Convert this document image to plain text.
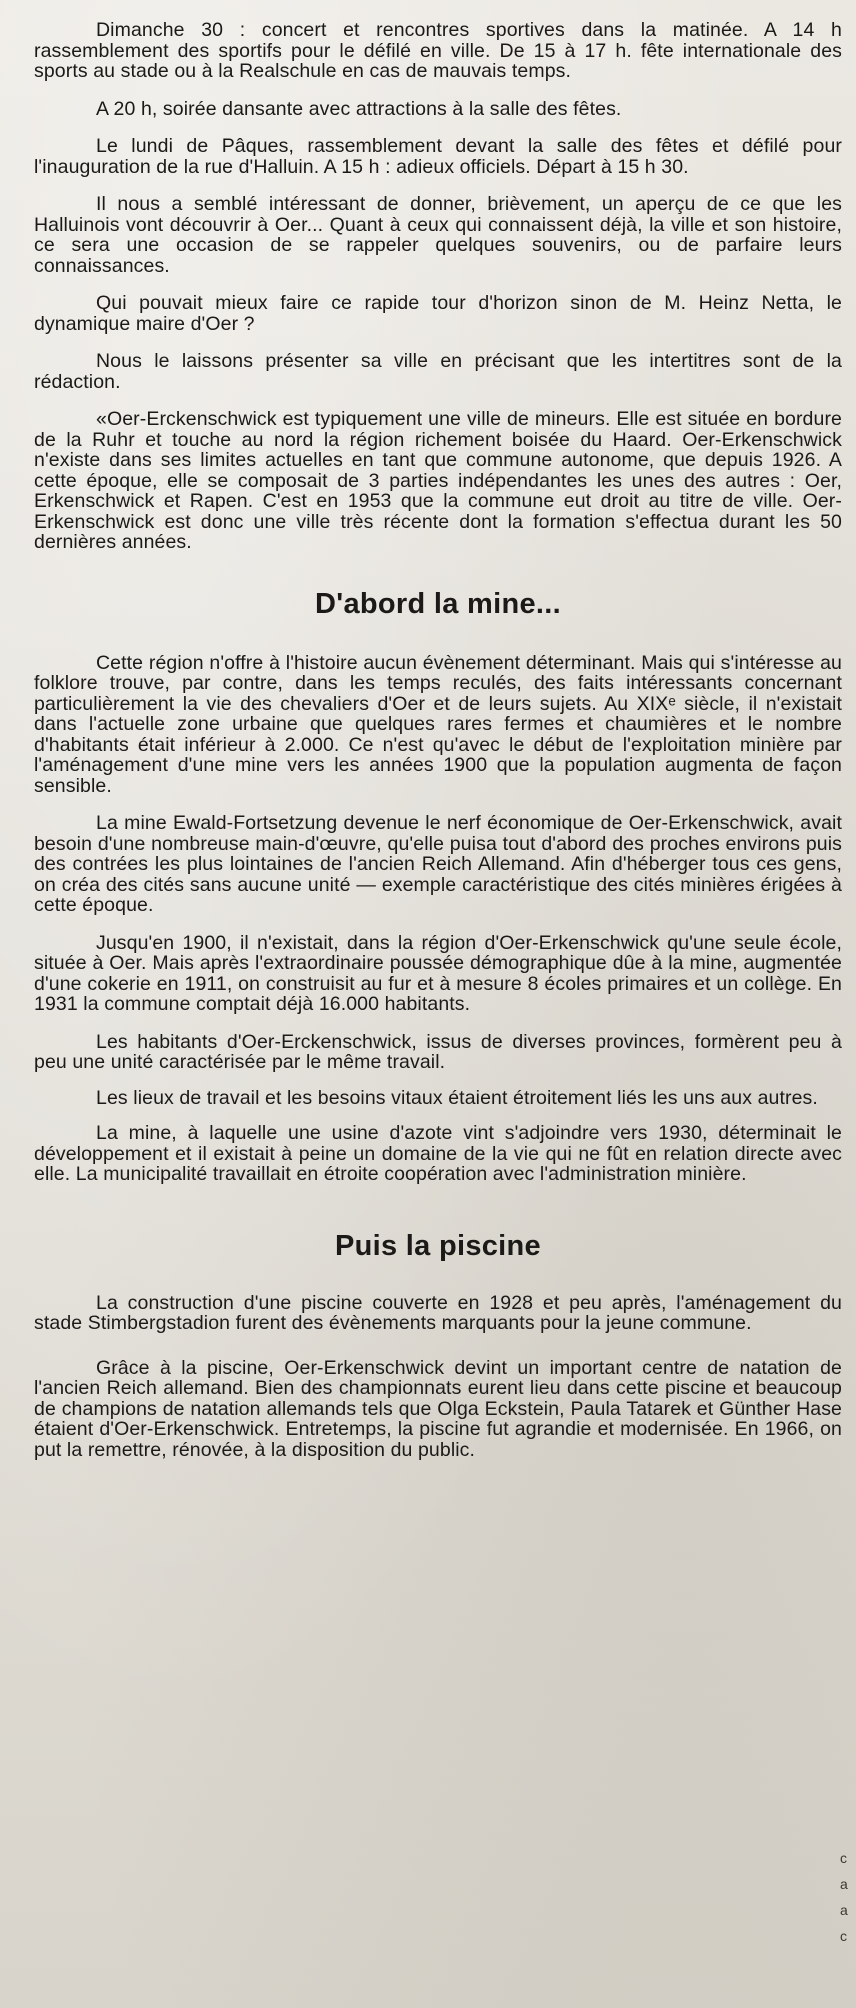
Dimanche 30 : concert et rencontres sportives dans la matinée. A 14 h rassemblement des sportifs pour le défilé en ville. De 15 à 17 h. fête internationale des sports au stade ou à la Realschule en cas de mauvais temps.

A 20 h, soirée dansante avec attractions à la salle des fêtes.

Le lundi de Pâques, rassemblement devant la salle des fêtes et défilé pour l'inauguration de la rue d'Halluin. A 15 h : adieux officiels. Départ à 15 h 30.

Il nous a semblé intéressant de donner, brièvement, un aperçu de ce que les Halluinois vont découvrir à Oer... Quant à ceux qui connaissent déjà, la ville et son histoire, ce sera une occasion de se rappeler quelques souvenirs, ou de parfaire leurs connaissances.

Qui pouvait mieux faire ce rapide tour d'horizon sinon de M. Heinz Netta, le dynamique maire d'Oer ?

Nous le laissons présenter sa ville en précisant que les intertitres sont de la rédaction.

«Oer-Erckenschwick est typiquement une ville de mineurs. Elle est située en bordure de la Ruhr et touche au nord la région richement boisée du Haard. Oer-Erkenschwick n'existe dans ses limites actuelles en tant que commune autonome, que depuis 1926. A cette époque, elle se composait de 3 parties indépendantes les unes des autres : Oer, Erkenschwick et Rapen. C'est en 1953 que la commune eut droit au titre de ville. Oer-Erkenschwick est donc une ville très récente dont la formation s'effectua durant les 50 dernières années.

D'abord la mine...

Cette région n'offre à l'histoire aucun évènement déterminant. Mais qui s'intéresse au folklore trouve, par contre, dans les temps reculés, des faits intéressants concernant particulièrement la vie des chevaliers d'Oer et de leurs sujets. Au XIXᵉ siècle, il n'existait dans l'actuelle zone urbaine que quelques rares fermes et chaumières et le nombre d'habitants était inférieur à 2.000. Ce n'est qu'avec le début de l'exploitation minière par l'aménagement d'une mine vers les années 1900 que la population augmenta de façon sensible.

La mine Ewald-Fortsetzung devenue le nerf économique de Oer-Erkenschwick, avait besoin d'une nombreuse main-d'œuvre, qu'elle puisa tout d'abord des proches environs puis des contrées les plus lointaines de l'ancien Reich Allemand. Afin d'héberger tous ces gens, on créa des cités sans aucune unité — exemple caractéristique des cités minières érigées à cette époque.

Jusqu'en 1900, il n'existait, dans la région d'Oer-Erkenschwick qu'une seule école, située à Oer. Mais après l'extraordinaire poussée démographique dûe à la mine, augmentée d'une cokerie en 1911, on construisit au fur et à mesure 8 écoles primaires et un collège. En 1931 la commune comptait déjà 16.000 habitants.

Les habitants d'Oer-Erckenschwick, issus de diverses provinces, formèrent peu à peu une unité caractérisée par le même travail.

Les lieux de travail et les besoins vitaux étaient étroitement liés les uns aux autres.

La mine, à laquelle une usine d'azote vint s'adjoindre vers 1930, déterminait le développement et il existait à peine un domaine de la vie qui ne fût en relation directe avec elle. La municipalité travaillait en étroite coopération avec l'administration minière.

Puis la piscine

La construction d'une piscine couverte en 1928 et peu après, l'aménagement du stade Stimbergstadion furent des évènements marquants pour la jeune commune.

Grâce à la piscine, Oer-Erkenschwick devint un important centre de natation de l'ancien Reich allemand. Bien des championnats eurent lieu dans cette piscine et beaucoup de champions de natation allemands tels que Olga Eckstein, Paula Tatarek et Günther Hase étaient d'Oer-Erkenschwick. Entretemps, la piscine fut agrandie et modernisée. En 1966, on put la remettre, rénovée, à la disposition du public.

c
a
a
c
